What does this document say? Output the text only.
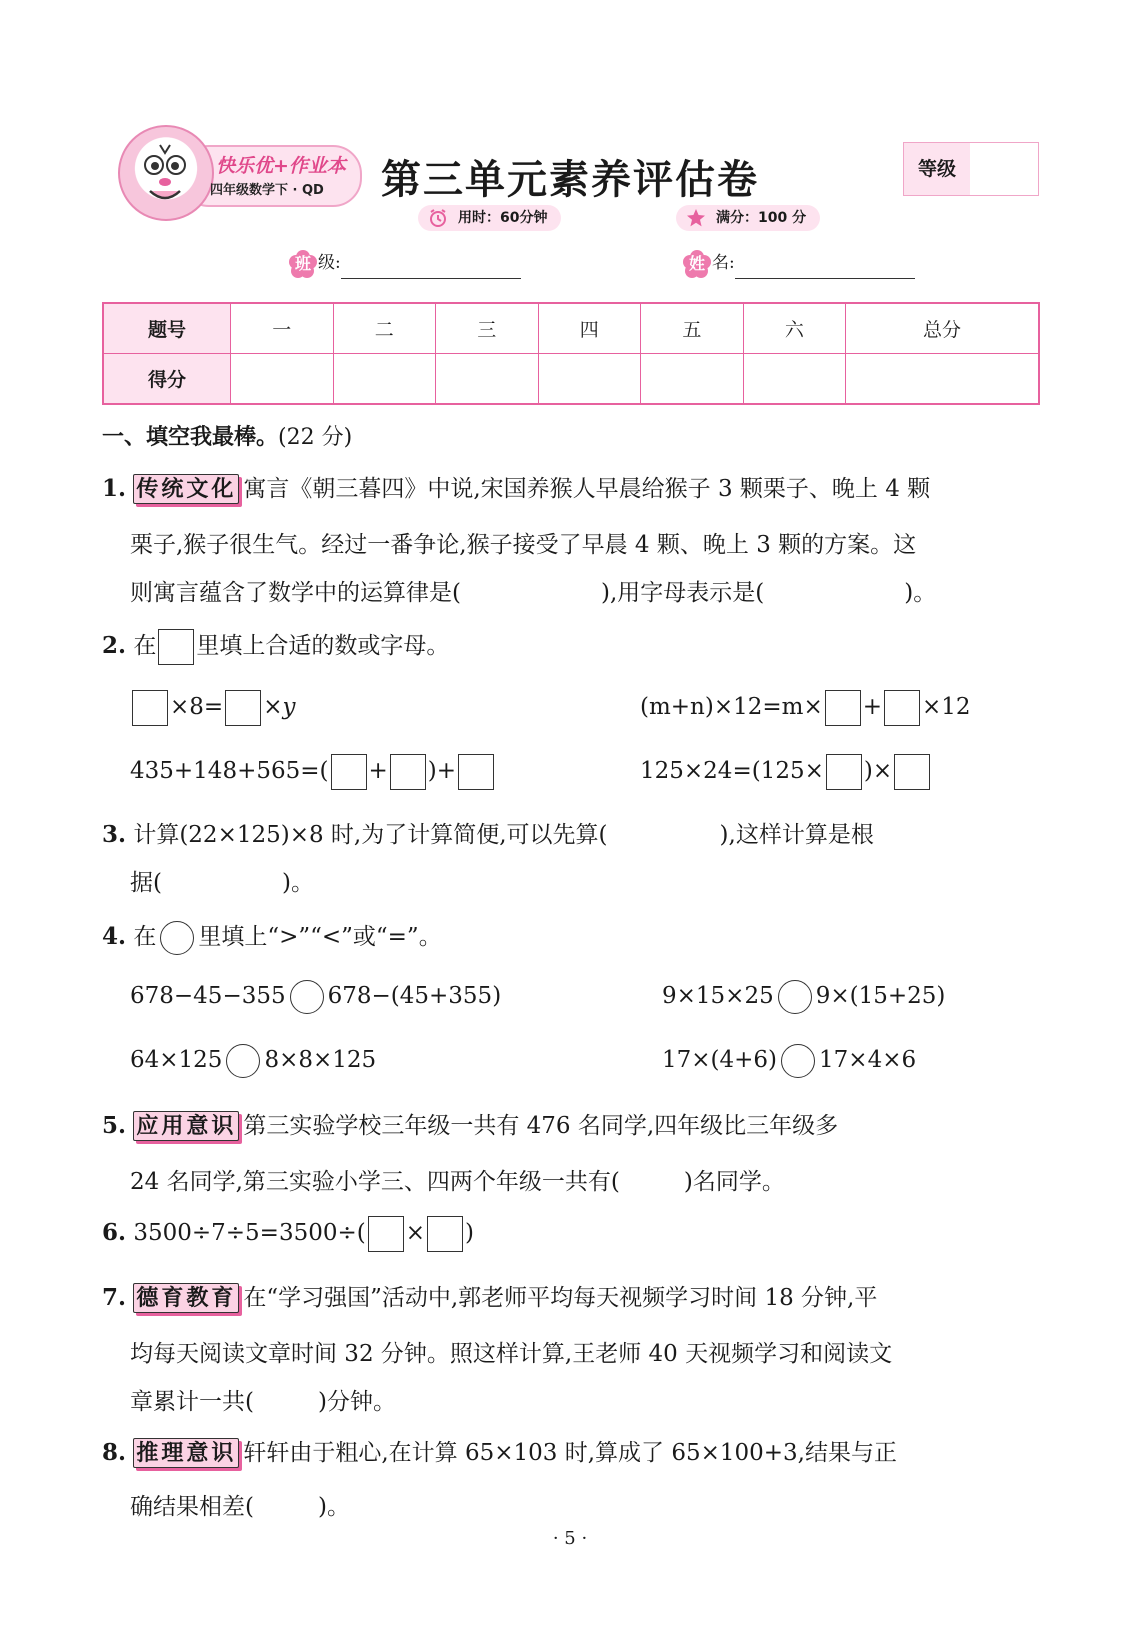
快乐优+作业本
四年级数学下 · QD	第三单元素养评估卷
用时：60分钟	满分：100 分
等级
班 级:	姓 名:
题号	一	二	三	四	五	六	总分
得分							
一、填空我最棒。(22 分)
1. 传统文化 寓言《朝三暮四》中说,宋国养猴人早晨给猴子 3 颗栗子、晚上 4 颗
栗子,猴子很生气。经过一番争论,猴子接受了早晨 4 颗、晚上 3 颗的方案。这
则寓言蕴含了数学中的运算律是(	),用字母表示是(	)。
2. 在 里填上合适的数或字母。
×8= ×y	(m+n)×12=m× + ×12
435+148+565=( + )+	125×24=(125× )×
3. 计算(22×125)×8 时,为了计算简便,可以先算(	),这样计算是根
据(	)。
4. 在 里填上“>”“<”或“=”。
678−45−355 678−(45+355)	9×15×25 9×(15+25)
64×125 8×8×125	17×(4+6) 17×4×6
5. 应用意识 第三实验学校三年级一共有 476 名同学,四年级比三年级多
24 名同学,第三实验小学三、四两个年级一共有(	)名同学。
6. 3500÷7÷5=3500÷( × )
7. 德育教育 在“学习强国”活动中,郭老师平均每天视频学习时间 18 分钟,平
均每天阅读文章时间 32 分钟。照这样计算,王老师 40 天视频学习和阅读文
章累计一共(	)分钟。
8. 推理意识 轩轩由于粗心,在计算 65×103 时,算成了 65×100+3,结果与正
确结果相差(	)。
· 5 ·
